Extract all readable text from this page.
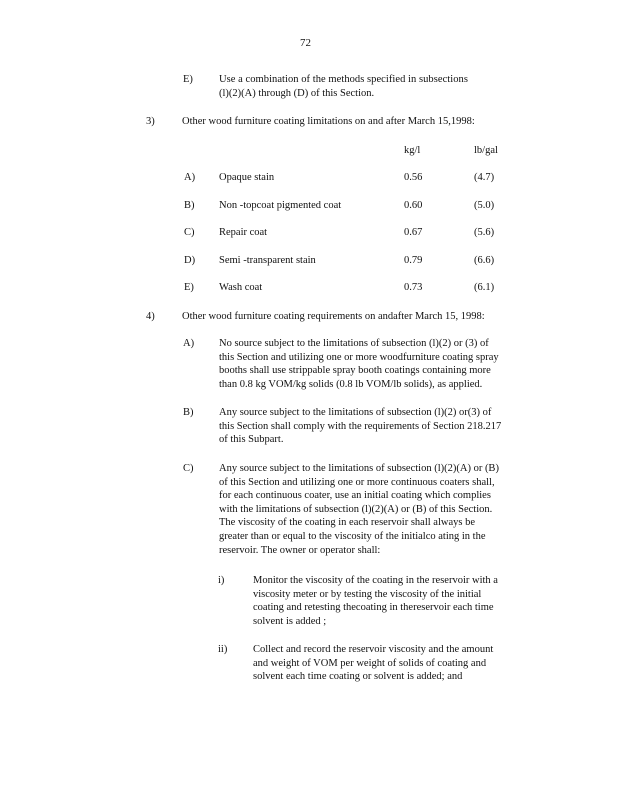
72
E) Use a combination of the methods specified in subsections
(l)(2)(A) through (D) of this Section.
3)	Other wood furniture coating limitations on and after March 15,1998:
kg/l	lb/gal
A) Opaque stain	0.56	(4.7)
B) Non -topcoat pigmented coat	0.60	(5.0)
C) Repair coat	0.67	(5.6)
D) Semi -transparent stain	0.79	(6.6)
E) Wash coat	0.73	(6.1)
4)	Other wood furniture coating requirements on andafter March 15, 1998:
A) No source subject to the limitations of subsection (l)(2) or (3) of
this Section and utilizing one or more woodfurniture coating spray
booths shall use strippable spray booth coatings containing more
than 0.8 kg VOM/kg solids (0.8 lb VOM/lb solids), as applied.
B) Any source subject to the limitations of subsection (l)(2) or(3) of
this Section shall comply with the requirements of Section 218.217
of this Subpart.
C) Any source subject to the limitations of subsection (l)(2)(A) or (B)
of this Section and utilizing one or more continuous coaters shall,
for each continuous coater, use an initial coating which complies
with the limitations of subsection (l)(2)(A) or (B) of this Section.
The viscosity of the coating in each reservoir shall always be
greater than or equal to the viscosity of the initialco ating in the
reservoir. The owner or operator shall:
i)	Monitor the viscosity of the coating in the reservoir with a
viscosity meter or by testing the viscosity of the initial
coating and retesting thecoating in thereservoir each time
solvent is added ;
ii) Collect and record the reservoir viscosity and the amount
and weight of VOM per weight of solids of coating and
solvent each time coating or solvent is added; and
